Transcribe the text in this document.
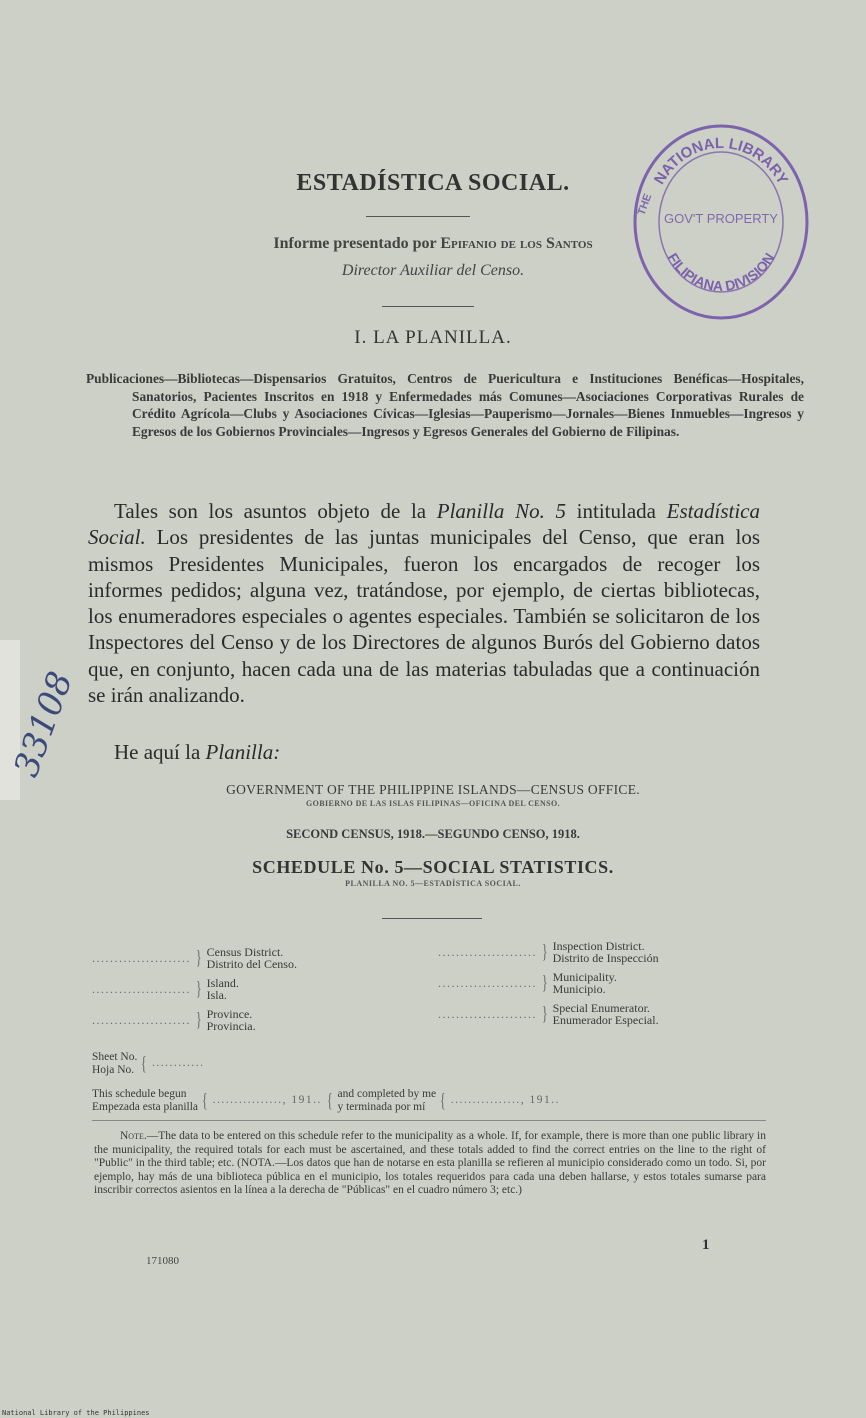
ESTADÍSTICA SOCIAL.
Informe presentado por Epifanio de los Santos
Director Auxiliar del Censo.
I. LA PLANILLA.
Publicaciones—Bibliotecas—Dispensarios Gratuitos, Centros de Puericultura e Instituciones Benéficas—Hospitales, Sanatorios, Pacientes Inscritos en 1918 y Enfermedades más Comunes—Asociaciones Corporativas Rurales de Crédito Agrícola—Clubs y Asociaciones Cívicas—Iglesias—Pauperismo—Jornales—Bienes Inmuebles—Ingresos y Egresos de los Gobiernos Provinciales—Ingresos y Egresos Generales del Gobierno de Filipinas.
Tales son los asuntos objeto de la Planilla No. 5 intitulada Estadística Social. Los presidentes de las juntas municipales del Censo, que eran los mismos Presidentes Municipales, fueron los encargados de recoger los informes pedidos; alguna vez, tratándose, por ejemplo, de ciertas bibliotecas, los enumeradores especiales o agentes especiales. También se solicitaron de los Inspectores del Censo y de los Directores de algunos Burós del Gobierno datos que, en conjunto, hacen cada una de las materias tabuladas que a continuación se irán analizando.
He aquí la Planilla:
GOVERNMENT OF THE PHILIPPINE ISLANDS—CENSUS OFFICE.
GOBIERNO DE LAS ISLAS FILIPINAS—OFICINA DEL CENSO.
SECOND CENSUS, 1918.—SEGUNDO CENSO, 1918.
SCHEDULE No. 5—SOCIAL STATISTICS.
PLANILLA NO. 5—ESTADÍSTICA SOCIAL.
...................... } Census District.
Distrito del Censo.
...................... } Island.
Isla.
...................... } Province.
Provincia.
...................... } Inspection District.
Distrito de Inspección
...................... } Municipality.
Municipio.
...................... } Special Enumerator.
Enumerador Especial.
Sheet No.
Hoja No. { ............
This schedule begun
Empezada esta planilla { ................, 191.. { and completed by me
y terminada por mí { ................, 191..
Note.—The data to be entered on this schedule refer to the municipality as a whole. If, for example, there is more than one public library in the municipality, the required totals for each must be ascertained, and these totals added to find the correct entries on the line to the right of "Public" in the third table; etc. (NOTA.—Los datos que han de notarse en esta planilla se refieren al municipio considerado como un todo. Si, por ejemplo, hay más de una biblioteca pública en el municipio, los totales requeridos para cada una deben hallarse, y estos totales sumarse para inscribir correctos asientos en la línea a la derecha de "Públicas" en el cuadro número 3; etc.)
1
171080
NATIONAL LIBRARY
THE
GOV'T PROPERTY
FILIPIANA DIVISION
33108
National Library of the Philippines
